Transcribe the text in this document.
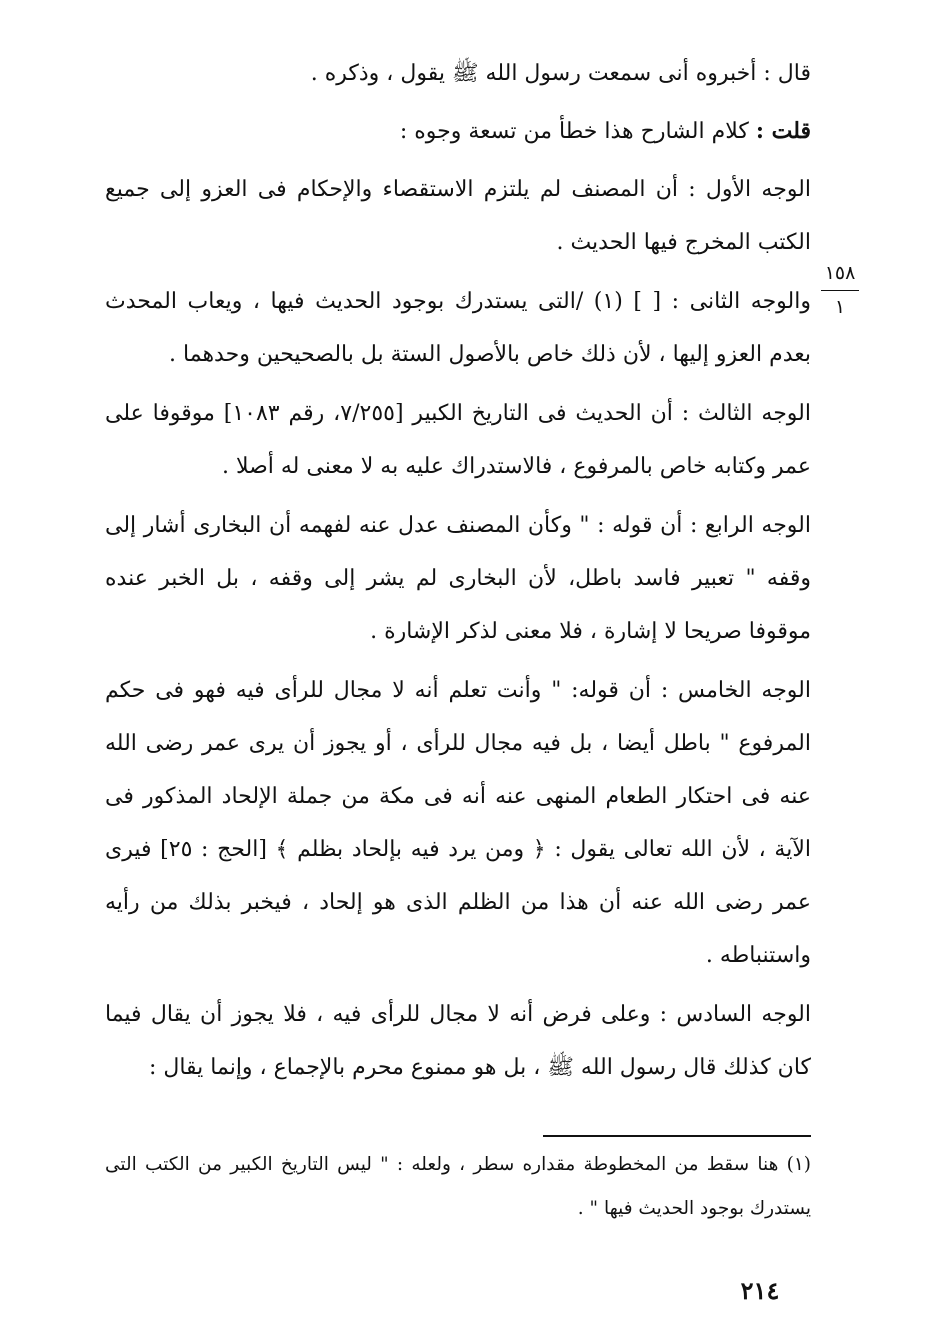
قال : أخبروه أنى سمعت رسول الله ﷺ يقول ، وذكره .

قلت : كلام الشارح هذا خطأ من تسعة وجوه :

الوجه الأول : أن المصنف لم يلتزم الاستقصاء والإحكام فى العزو إلى جميع الكتب المخرج فيها الحديث .

والوجه الثانى : [ ] (١) /التى يستدرك بوجود الحديث فيها ، ويعاب المحدث بعدم العزو إليها ، لأن ذلك خاص بالأصول الستة بل بالصحيحين وحدهما .

الوجه الثالث : أن الحديث فى التاريخ الكبير [٧/٢٥٥، رقم ١٠٨٣] موقوفا على عمر وكتابه خاص بالمرفوع ، فالاستدراك عليه به لا معنى له أصلا .

الوجه الرابع : أن قوله : " وكأن المصنف عدل عنه لفهمه أن البخارى أشار إلى وقفه " تعبير فاسد باطل، لأن البخارى لم يشر إلى وقفه ، بل الخبر عنده موقوفا صريحا لا إشارة ، فلا معنى لذكر الإشارة .

الوجه الخامس : أن قوله: " وأنت تعلم أنه لا مجال للرأى فيه فهو فى حكم المرفوع " باطل أيضا ، بل فيه مجال للرأى ، أو يجوز أن يرى عمر رضى الله عنه فى احتكار الطعام المنهى عنه أنه فى مكة من جملة الإلحاد المذكور فى الآية ، لأن الله تعالى يقول : ﴿ ومن يرد فيه بإلحاد بظلم ﴾ [الحج : ٢٥] فيرى عمر رضى الله عنه أن هذا من الظلم الذى هو إلحاد ، فيخبر بذلك من رأيه واستنباطه .

الوجه السادس : وعلى فرض أنه لا مجال للرأى فيه ، فلا يجوز أن يقال فيما كان كذلك قال رسول الله ﷺ ، بل هو ممنوع محرم بالإجماع ، وإنما يقال :

١٥٨
١

(١) هنا سقط من المخطوطة مقداره سطر ، ولعله : " ليس التاريخ الكبير من الكتب التى يستدرك بوجود الحديث فيها " .

٢١٤
